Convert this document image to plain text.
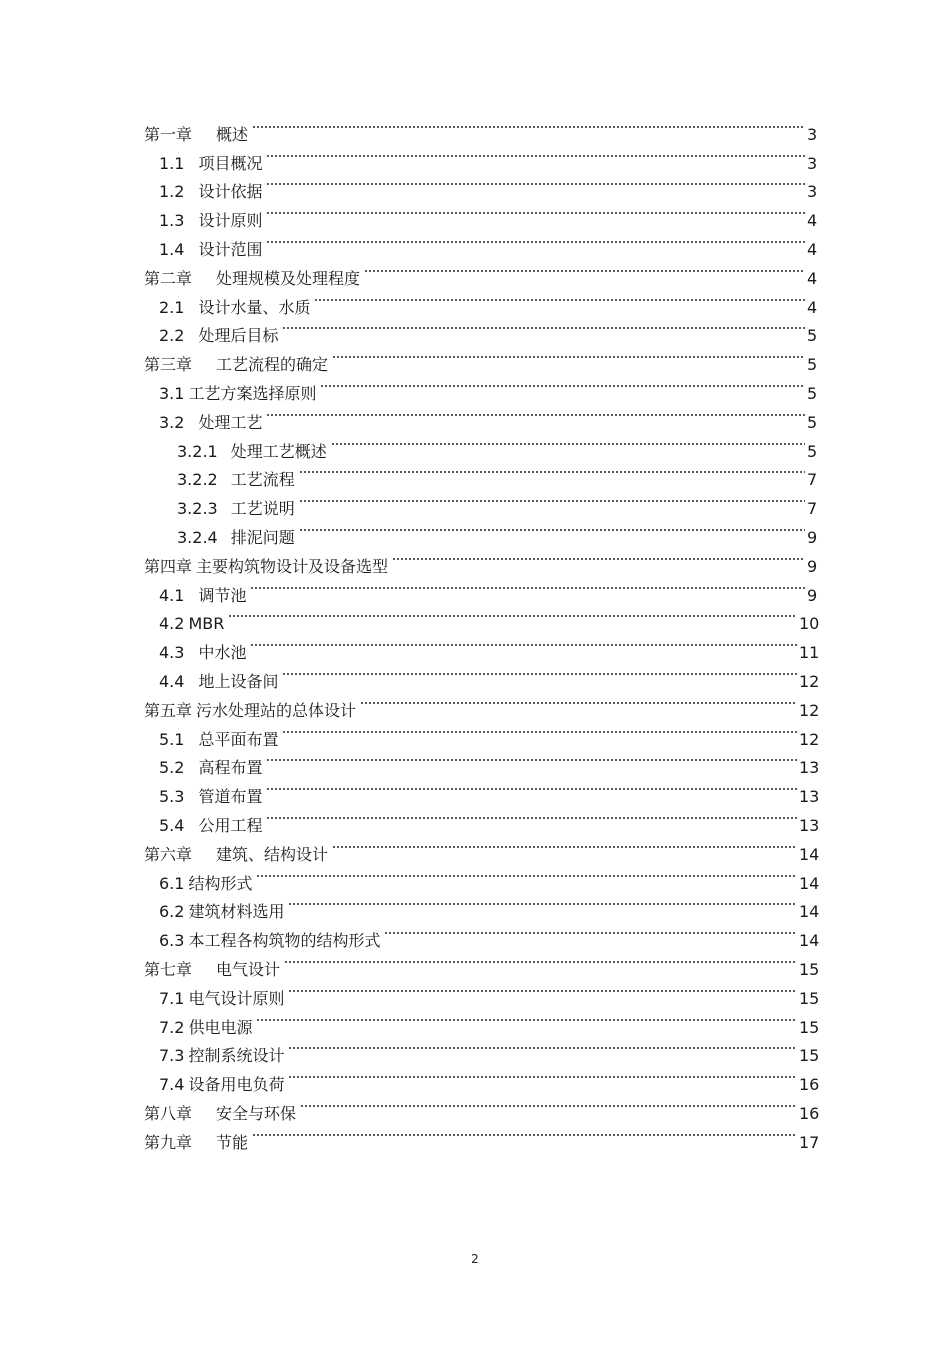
第一章 概述	3
1.1 项目概况	3
1.2 设计依据	3
1.3 设计原则	4
1.4 设计范围	4
第二章 处理规模及处理程度	4
2.1 设计水量、水质	4
2.2 处理后目标	5
第三章 工艺流程的确定	5
3.1 工艺方案选择原则	5
3.2 处理工艺	5
3.2.1 处理工艺概述	5
3.2.2 工艺流程	7
3.2.3 工艺说明	7
3.2.4 排泥问题	9
第四章 主要构筑物设计及设备选型	9
4.1 调节池	9
4.2 MBR	10
4.3 中水池	11
4.4 地上设备间	12
第五章 污水处理站的总体设计	12
5.1 总平面布置	12
5.2 高程布置	13
5.3 管道布置	13
5.4 公用工程	13
第六章 建筑、结构设计	14
6.1 结构形式	14
6.2 建筑材料选用	14
6.3 本工程各构筑物的结构形式	14
第七章 电气设计	15
7.1 电气设计原则	15
7.2 供电电源	15
7.3 控制系统设计	15
7.4 设备用电负荷	16
第八章 安全与环保	16
第九章 节能	17
2
